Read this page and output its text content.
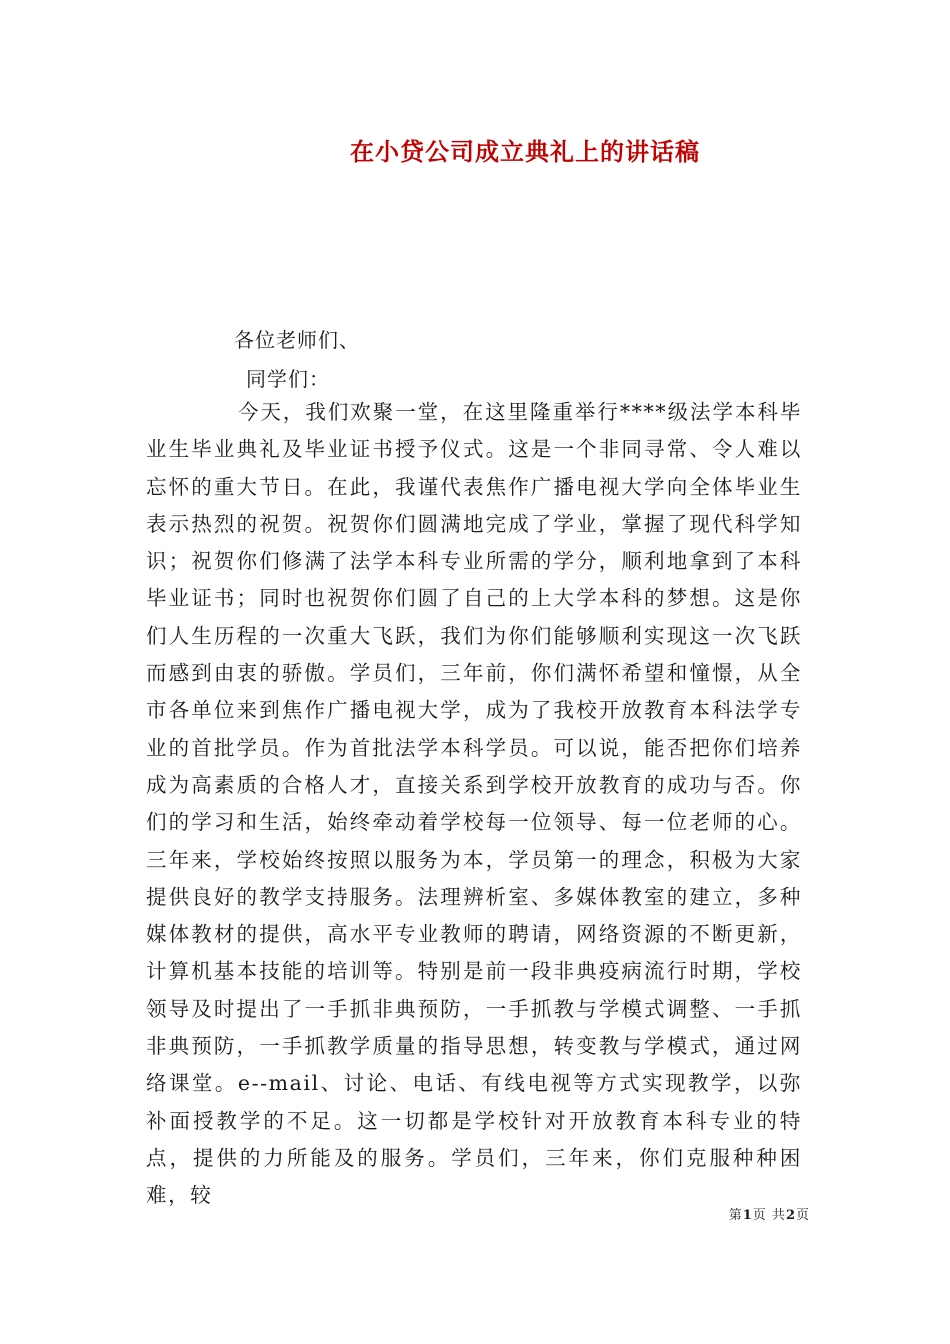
在小贷公司成立典礼上的讲话稿
各位老师们、
同学们：

今天，我们欢聚一堂，在这里隆重举行****级法学本科毕业生毕业典礼及毕业证书授予仪式。这是一个非同寻常、令人难以忘怀的重大节日。在此，我谨代表焦作广播电视大学向全体毕业生表示热烈的祝贺。祝贺你们圆满地完成了学业，掌握了现代科学知识；祝贺你们修满了法学本科专业所需的学分，顺利地拿到了本科毕业证书；同时也祝贺你们圆了自己的上大学本科的梦想。这是你们人生历程的一次重大飞跃，我们为你们能够顺利实现这一次飞跃而感到由衷的骄傲。学员们，三年前，你们满怀希望和憧憬，从全市各单位来到焦作广播电视大学，成为了我校开放教育本科法学专业的首批学员。作为首批法学本科学员。可以说，能否把你们培养成为高素质的合格人才，直接关系到学校开放教育的成功与否。你们的学习和生活，始终牵动着学校每一位领导、每一位老师的心。三年来，学校始终按照以服务为本，学员第一的理念，积极为大家提供良好的教学支持服务。法理辨析室、多媒体教室的建立，多种媒体教材的提供，高水平专业教师的聘请，网络资源的不断更新，计算机基本技能的培训等。特别是前一段非典疫病流行时期，学校领导及时提出了一手抓非典预防，一手抓教与学模式调整、一手抓非典预防，一手抓教学质量的指导思想，转变教与学模式，通过网络课堂。e--mail、讨论、电话、有线电视等方式实现教学，以弥补面授教学的不足。这一切都是学校针对开放教育本科专业的特点，提供的力所能及的服务。学员们，三年来，你们克服种种困难，较

第1页 共2页
